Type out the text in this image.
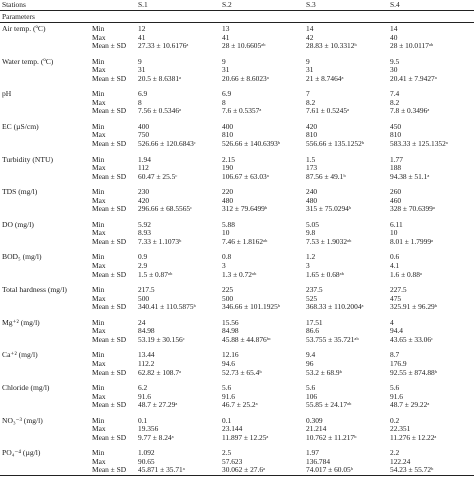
Stations		S.1	S.2	S.3	S.4
Parameters					
Air temp. (ºC)	Min	12	13	14	14
	Max	41	41	42	40
	Mean ± SD	27.33 ± 10.6176ᵃ	28 ± 10.6605ᵃᵇ	28.83 ± 10.3312ᵇ	28 ± 10.0117ᵃᵇ
Water temp. (ºC)	Min	9	9	9	9.5
	Max	31	31	31	30
	Mean ± SD	20.5 ± 8.6381ᵃ	20.66 ± 8.6023ᵃ	21 ± 8.7464ᵃ	20.41 ± 7.9427ᵃ
pH	Min	6.9	6.9	7	7.4
	Max	8	8	8.2	8.2
	Mean ± SD	7.56 ± 0.5346ᵃ	7.6 ± 0.5357ᵃ	7.61 ± 0.5245ᵃ	7.8 ± 0.3496ᵃ
EC (µS/cm)	Min	400	400	420	450
	Max	750	810	810	810
	Mean ± SD	526.66 ± 120.6843ᶜ	526.66 ± 140.6393ᵇ	556.66 ± 135.1252ᵇ	583.33 ± 125.1352ᵃ
Turbidity (NTU)	Min	1.94	2.15	1.5	1.77
	Max	112	190	173	188
	Mean ± SD	60.47 ± 25.5ᶜ	106.67 ± 63.03ᵃ	87.56 ± 49.1ᵇ	94.38 ± 51.1ᵃ
TDS (mg/l)	Min	230	220	240	260
	Max	420	480	480	460
	Mean ± SD	296.66 ± 68.5565ᶜ	312 ± 79.6499ᵇ	315 ± 75.0294ᵇ	328 ± 70.6399ᵃ
DO (mg/l)	Min	5.92	5.88	5.05	6.11
	Max	8.93	10	9.8	10
	Mean ± SD	7.33 ± 1.1073ᵇ	7.46 ± 1.8162ᵃᵇ	7.53 ± 1.9032ᵃᵇ	8.01 ± 1.7999ᵃ
BOD₅ (mg/l)	Min	0.9	0.8	1.2	0.6
	Max	2.9	3	3	4.1
	Mean ± SD	1.5 ± 0.87ᵃᵇ	1.3 ± 0.72ᵃᵇ	1.65 ± 0.68ᵃᵇ	1.6 ± 0.88ᵃ
Total hardness (mg/l)	Min	217.5	225	237.5	227.5
	Max	500	500	525	475
	Mean ± SD	340.41 ± 110.5875ᵇ	346.66 ± 101.1925ᵇ	368.33 ± 110.2004ᵃ	325.91 ± 96.29ᵇ
Mg⁺² (mg/l)	Min	24	15.56	17.51	4
	Max	84.98	84.98	86.6	94.4
	Mean ± SD	53.19 ± 30.156ᶜ	45.88 ± 44.876ᵇᶜ	53.755 ± 35.721ᵃᵇ	43.65 ± 33.06ᶜ
Ca⁺² (mg/l)	Min	13.44	12.16	9.4	8.7
	Max	112.2	94.6	96	176.9
	Mean ± SD	62.82 ± 108.7ᵃ	52.73 ± 65.4ᵇ	53.2 ± 68.9ᵇ	92.55 ± 874.88ᵇ
Chloride (mg/l)	Min	6.2	5.6	5.6	5.6
	Max	91.6	91.6	106	91.6
	Mean ± SD	48.7 ± 27.29ᵃ	46.7 ± 25.2ᵃ	55.85 ± 24.17ᵃᵇ	48.7 ± 29.22ᵃ
NO₃⁻³ (mg/l)	Min	0.1	0.1	0.309	0.2
	Max	19.356	23.144	21.214	22.351
	Mean ± SD	9.77 ± 8.24ᵃ	11.897 ± 12.25ᵃ	10.762 ± 11.217ᵇ	11.276 ± 12.22ᵃ
PO₄⁻⁴ (µg/l)	Min	1.092	2.5	1.97	2.2
	Max	90.65	57.623	136.784	122.24
	Mean ± SD	45.871 ± 35.71ᵃ	30.062 ± 27.6ᵃ	74.017 ± 60.05ᵇ	54.23 ± 55.72ᵇ
